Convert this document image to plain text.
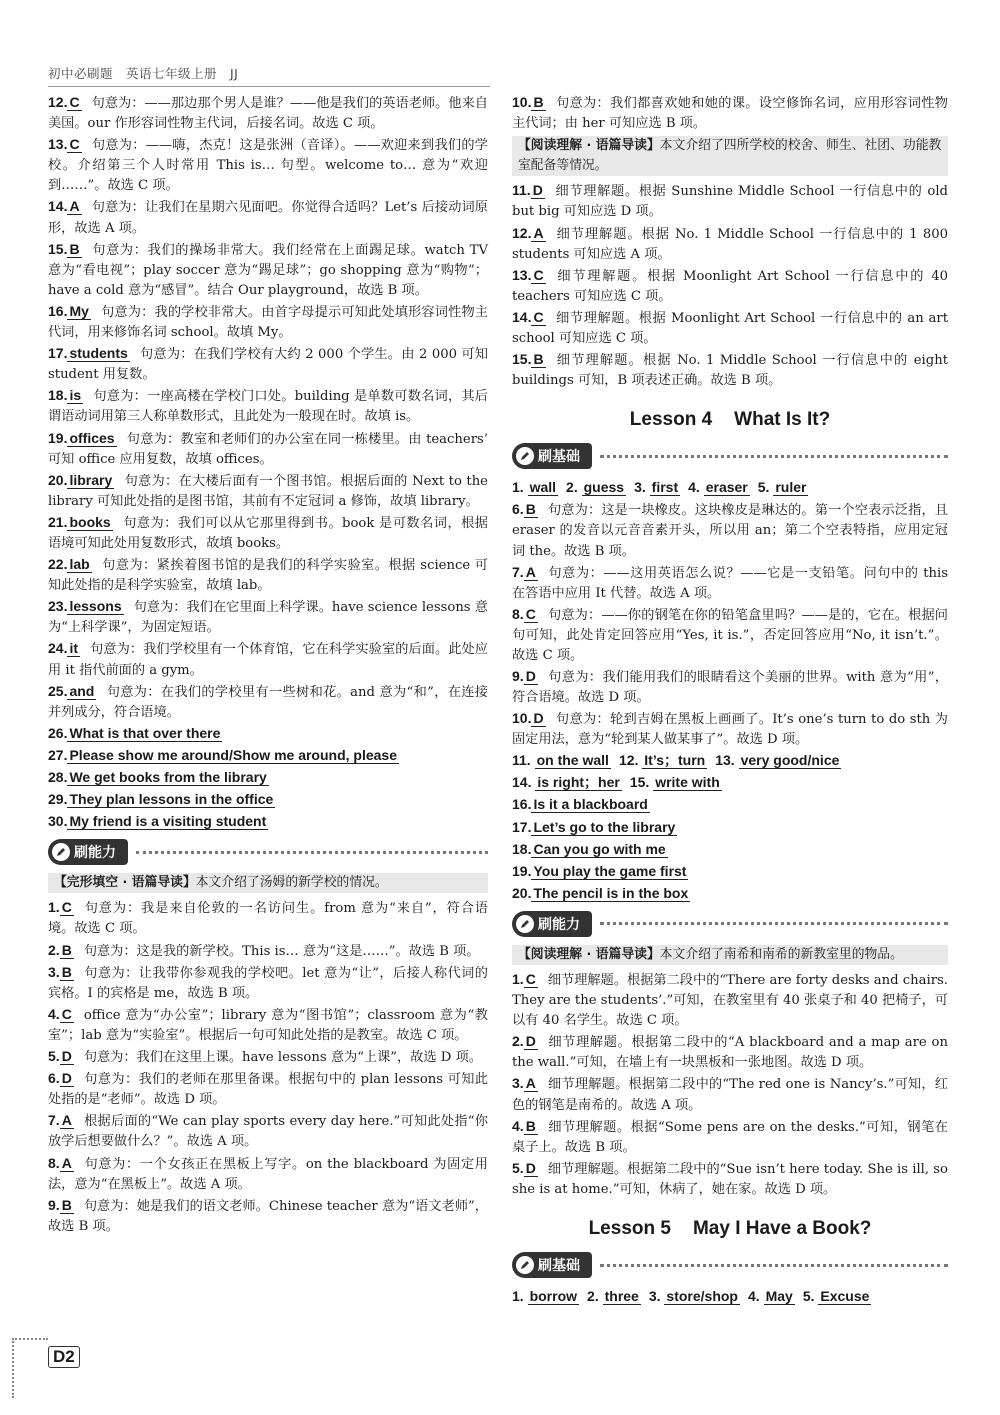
初中必刷题　英语七年级上册　JJ

12. C 句意为：——那边那个男人是谁？——他是我们的英语老师。他来自美国。our 作形容词性物主代词，后接名词。故选 C 项。

13. C 句意为：——嗨，杰克！这是张洲（音译）。——欢迎来到我们的学校。介绍第三个人时常用 This is… 句型。welcome to… 意为“欢迎到……”。故选 C 项。

14. A 句意为：让我们在星期六见面吧。你觉得合适吗？Let’s 后接动词原形，故选 A 项。

15. B 句意为：我们的操场非常大。我们经常在上面踢足球。watch TV 意为“看电视”；play soccer 意为“踢足球”；go shopping 意为“购物”；have a cold 意为“感冒”。结合 Our playground，故选 B 项。

16. My 句意为：我的学校非常大。由首字母提示可知此处填形容词性物主代词，用来修饰名词 school。故填 My。

17. students 句意为：在我们学校有大约 2 000 个学生。由 2 000 可知 student 用复数。

18. is 句意为：一座高楼在学校门口处。building 是单数可数名词，其后谓语动词用第三人称单数形式，且此处为一般现在时。故填 is。

19. offices 句意为：教室和老师们的办公室在同一栋楼里。由 teachers’ 可知 office 应用复数，故填 offices。

20. library 句意为：在大楼后面有一个图书馆。根据后面的 Next to the library 可知此处指的是图书馆，其前有不定冠词 a 修饰，故填 library。

21. books 句意为：我们可以从它那里得到书。book 是可数名词，根据语境可知此处用复数形式，故填 books。

22. lab 句意为：紧挨着图书馆的是我们的科学实验室。根据 science 可知此处指的是科学实验室，故填 lab。

23. lessons 句意为：我们在它里面上科学课。have science lessons 意为“上科学课”，为固定短语。

24. it 句意为：我们学校里有一个体育馆，它在科学实验室的后面。此处应用 it 指代前面的 a gym。

25. and 句意为：在我们的学校里有一些树和花。and 意为“和”，在连接并列成分，符合语境。

26. What is that over there

27. Please show me around/Show me around, please

28. We get books from the library

29. They plan lessons in the office

30. My friend is a visiting student

刷能力
【完形填空 · 语篇导读】本文介绍了汤姆的新学校的情况。

1. C 句意为：我是来自伦敦的一名访问生。from 意为“来自”，符合语境。故选 C 项。

2. B 句意为：这是我的新学校。This is… 意为“这是……”。故选 B 项。

3. B 句意为：让我带你参观我的学校吧。let 意为“让”，后接人称代词的宾格。I 的宾格是 me，故选 B 项。

4. C office 意为“办公室”；library 意为“图书馆”；classroom 意为“教室”；lab 意为“实验室”。根据后一句可知此处指的是教室。故选 C 项。

5. D 句意为：我们在这里上课。have lessons 意为“上课”，故选 D 项。

6. D 句意为：我们的老师在那里备课。根据句中的 plan lessons 可知此处指的是“老师”。故选 D 项。

7. A 根据后面的“We can play sports every day here.”可知此处指“你放学后想要做什么？”。故选 A 项。

8. A 句意为：一个女孩正在黑板上写字。on the blackboard 为固定用法，意为“在黑板上”。故选 A 项。

9. B 句意为：她是我们的语文老师。Chinese teacher 意为“语文老师”，故选 B 项。

10. B 句意为：我们都喜欢她和她的课。设空修饰名词，应用形容词性物主代词；由 her 可知应选 B 项。

【阅读理解 · 语篇导读】本文介绍了四所学校的校舍、师生、社团、功能教室配备等情况。

11. D 细节理解题。根据 Sunshine Middle School 一行信息中的 old but big 可知应选 D 项。

12. A 细节理解题。根据 No. 1 Middle School 一行信息中的 1 800 students 可知应选 A 项。

13. C 细节理解题。根据 Moonlight Art School 一行信息中的 40 teachers 可知应选 C 项。

14. C 细节理解题。根据 Moonlight Art School 一行信息中的 an art school 可知应选 C 项。

15. B 细节理解题。根据 No. 1 Middle School 一行信息中的 eight buildings 可知，B 项表述正确。故选 B 项。

Lesson 4 What Is It?
刷基础
1. wall 2. guess 3. first 4. eraser 5. ruler

6. B 句意为：这是一块橡皮。这块橡皮是琳达的。第一个空表示泛指，且 eraser 的发音以元音音素开头，所以用 an；第二个空表特指，应用定冠词 the。故选 B 项。

7. A 句意为：——这用英语怎么说？——它是一支铅笔。问句中的 this 在答语中应用 It 代替。故选 A 项。

8. C 句意为：——你的钢笔在你的铅笔盒里吗？——是的，它在。根据问句可知，此处肯定回答应用“Yes, it is.”，否定回答应用“No, it isn’t.”。故选 C 项。

9. D 句意为：我们能用我们的眼睛看这个美丽的世界。with 意为“用”，符合语境。故选 D 项。

10. D 句意为：轮到吉姆在黑板上画画了。It’s one’s turn to do sth 为固定用法，意为“轮到某人做某事了”。故选 D 项。

11. on the wall 12. It’s；turn 13. very good/nice
14. is right；her 15. write with

16. Is it a blackboard

17. Let’s go to the library

18. Can you go with me

19. You play the game first

20. The pencil is in the box

刷能力
【阅读理解 · 语篇导读】本文介绍了南希和南希的新教室里的物品。

1. C 细节理解题。根据第二段中的“There are forty desks and chairs. They are the students’.”可知，在教室里有 40 张桌子和 40 把椅子，可以有 40 名学生。故选 C 项。

2. D 细节理解题。根据第二段中的“A blackboard and a map are on the wall.”可知，在墙上有一块黑板和一张地图。故选 D 项。

3. A 细节理解题。根据第二段中的“The red one is Nancy’s.”可知，红色的钢笔是南希的。故选 A 项。

4. B 细节理解题。根据“Some pens are on the desks.”可知，钢笔在桌子上。故选 B 项。

5. D 细节理解题。根据第二段中的“Sue isn’t here today. She is ill, so she is at home.”可知，休病了，她在家。故选 D 项。

Lesson 5 May I Have a Book?
刷基础
1. borrow 2. three 3. store/shop 4. May 5. Excuse
D2
